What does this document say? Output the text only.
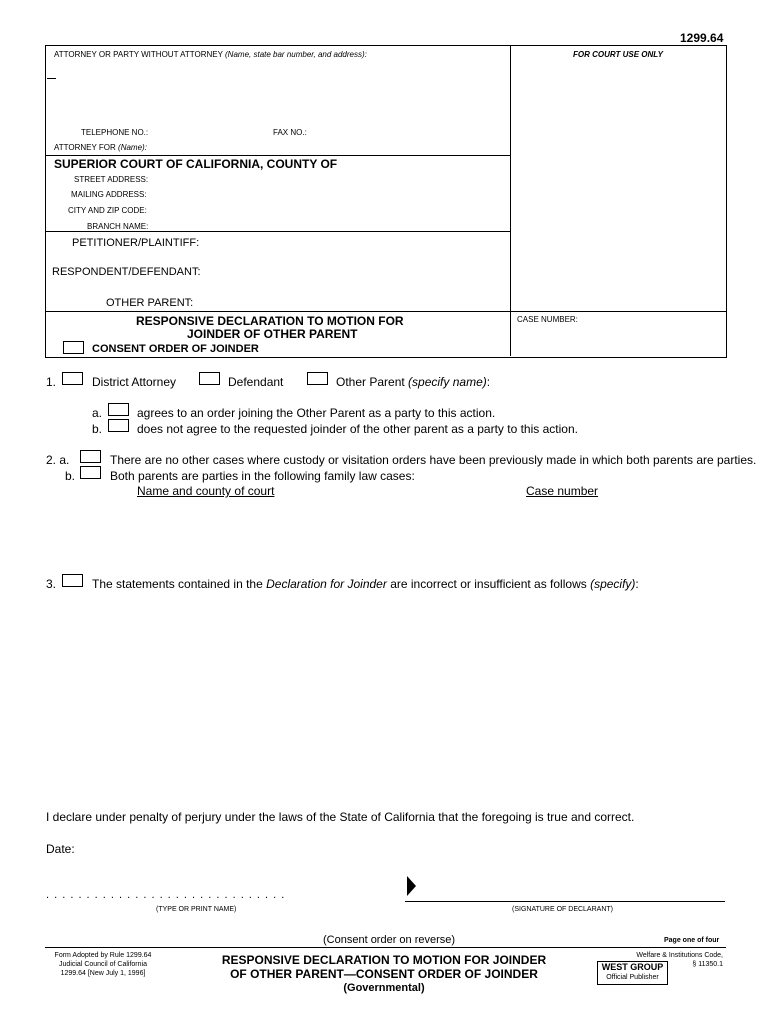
1299.64
ATTORNEY OR PARTY WITHOUT ATTORNEY (Name, state bar number, and address):	FOR COURT USE ONLY
TELEPHONE NO.:	FAX NO.:
ATTORNEY FOR (Name):
SUPERIOR COURT OF CALIFORNIA, COUNTY OF
STREET ADDRESS:
MAILING ADDRESS:
CITY AND ZIP CODE:
BRANCH NAME:
PETITIONER/PLAINTIFF:
RESPONDENT/DEFENDANT:
OTHER PARENT:
RESPONSIVE DECLARATION TO MOTION FOR
JOINDER OF OTHER PARENT
CONSENT ORDER OF JOINDER
CASE NUMBER:
1.	District Attorney	Defendant	Other Parent (specify name):
a.	agrees to an order joining the Other Parent as a party to this action.
b.	does not agree to the requested joinder of the other parent as a party to this action.
2. a.	There are no other cases where custody or visitation orders have been previously made in which both parents are parties.
b.	Both parents are parties in the following family law cases:
Name and county of court	Case number
3.	The statements contained in the Declaration for Joinder are incorrect or insufficient as follows (specify):
I declare under penalty of perjury under the laws of the State of California that the foregoing is true and correct.
Date:
. . . . . . . . . . . . . . . . . . . . . . . . . . . . . .
(TYPE OR PRINT NAME)	(SIGNATURE OF DECLARANT)
(Consent order on reverse)	Page one of four
Form Adopted by Rule 1299.64
Judicial Council of California
1299.64 [New July 1, 1996]
RESPONSIVE DECLARATION TO MOTION FOR JOINDER
OF OTHER PARENT—CONSENT ORDER OF JOINDER
(Governmental)
Welfare & Institutions Code,
§ 11350.1
WEST GROUP
Official Publisher
